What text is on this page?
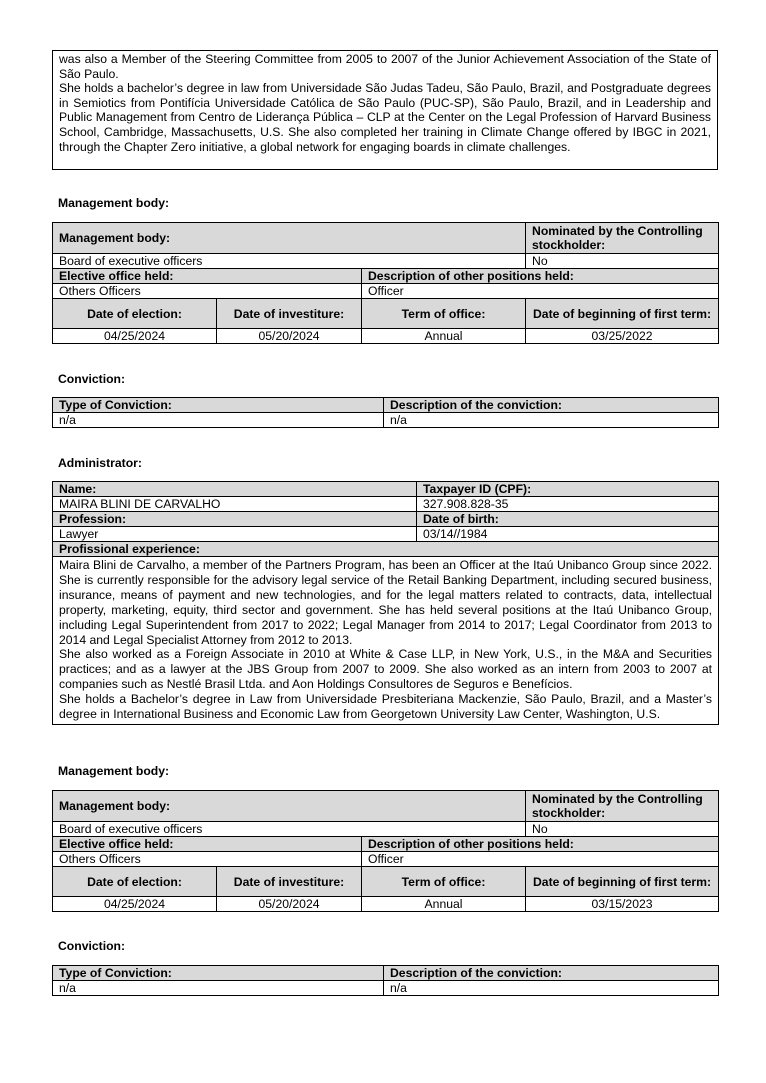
was also a Member of the Steering Committee from 2005 to 2007 of the Junior Achievement Association of the State of São Paulo.

She holds a bachelor’s degree in law from Universidade São Judas Tadeu, São Paulo, Brazil, and Postgraduate degrees in Semiotics from Pontifícia Universidade Católica de São Paulo (PUC-SP), São Paulo, Brazil, and in Leadership and Public Management from Centro de Liderança Pública – CLP at the Center on the Legal Profession of Harvard Business School, Cambridge, Massachusetts, U.S. She also completed her training in Climate Change offered by IBGC in 2021, through the Chapter Zero initiative, a global network for engaging boards in climate challenges.

Management body:
Management body:			Nominated by the Controlling stockholder:
Board of executive officers			No
Elective office held:		Description of other positions held:	
Others Officers		Officer	
Date of election:	Date of investiture:	Term of office:	Date of beginning of first term:
04/25/2024	05/20/2024	Annual	03/25/2022
Conviction:
Type of Conviction:	Description of the conviction:
n/a	n/a
Administrator:
Name:	Taxpayer ID (CPF):
MAIRA BLINI DE CARVALHO	327.908.828-35
Profession:	Date of birth:
Lawyer	03/14//1984
Profissional experience:	

Maira Blini de Carvalho, a member of the Partners Program, has been an Officer at the Itaú Unibanco Group since 2022. She is currently responsible for the advisory legal service of the Retail Banking Department, including secured business, insurance, means of payment and new technologies, and for the legal matters related to contracts, data, intellectual property, marketing, equity, third sector and government. She has held several positions at the Itaú Unibanco Group, including Legal Superintendent from 2017 to 2022; Legal Manager from 2014 to 2017; Legal Coordinator from 2013 to 2014 and Legal Specialist Attorney from 2012 to 2013.

She also worked as a Foreign Associate in 2010 at White & Case LLP, in New York, U.S., in the M&A and Securities practices; and as a lawyer at the JBS Group from 2007 to 2009. She also worked as an intern from 2003 to 2007 at companies such as Nestlé Brasil Ltda. and Aon Holdings Consultores de Seguros e Benefícios.

She holds a Bachelor’s degree in Law from Universidade Presbiteriana Mackenzie, São Paulo, Brazil, and a Master’s degree in International Business and Economic Law from Georgetown University Law Center, Washington, U.S.	

Management body:
Management body:			Nominated by the Controlling stockholder:
Board of executive officers			No
Elective office held:		Description of other positions held:	
Others Officers		Officer	
Date of election:	Date of investiture:	Term of office:	Date of beginning of first term:
04/25/2024	05/20/2024	Annual	03/15/2023
Conviction:
Type of Conviction:	Description of the conviction:
n/a	n/a
